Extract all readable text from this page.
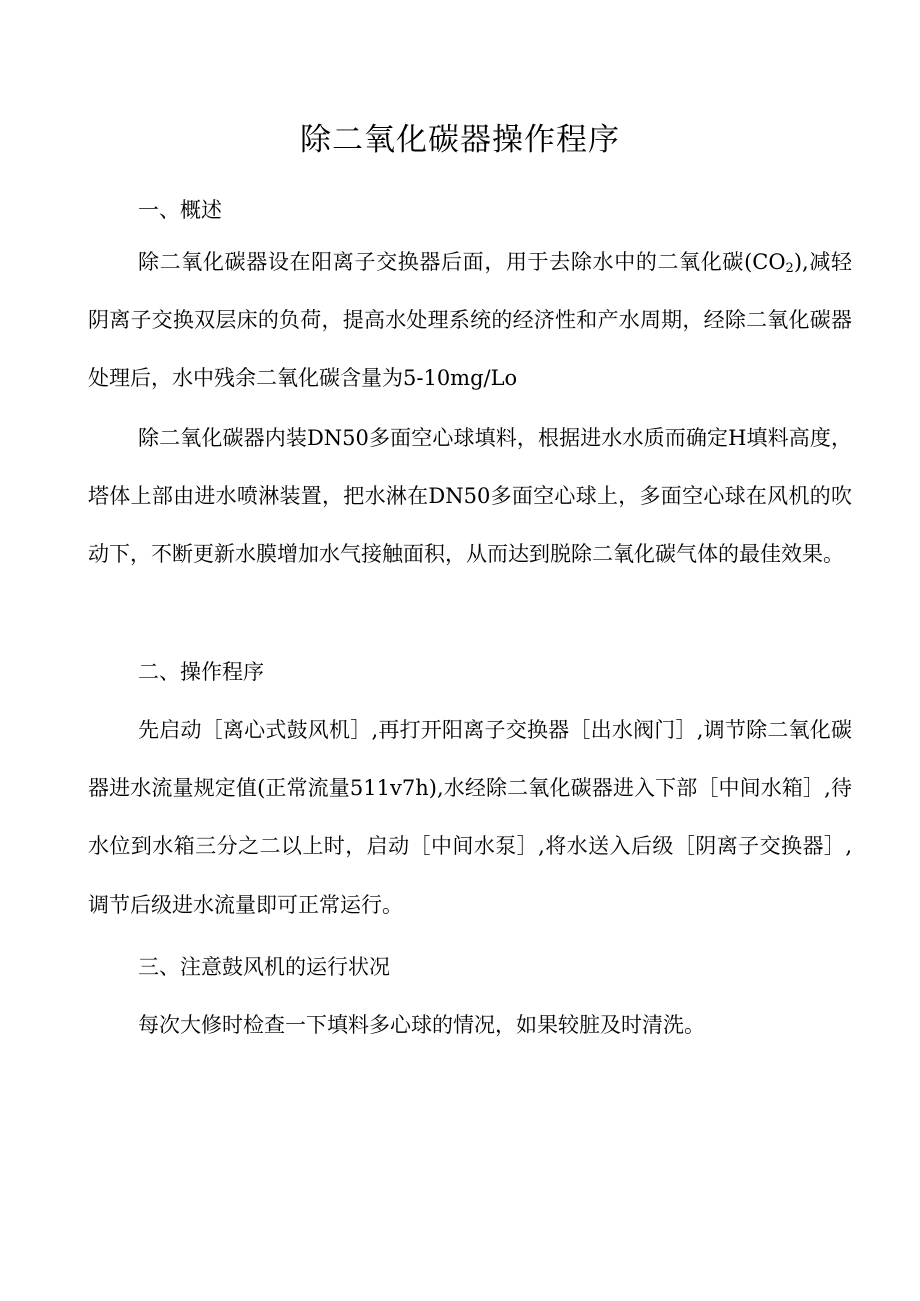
除二氧化碳器操作程序
一、概述
除二氧化碳器设在阳离子交换器后面，用于去除水中的二氧化碳$(CO_2)$,减轻阴离子交换双层床的负荷，提高水处理系统的经济性和产水周期，经除二氧化碳器处理后，水中残余二氧化碳含量为5-10mg/Lo
除二氧化碳器内装DN50多面空心球填料，根据进水水质而确定H填料高度，塔体上部由进水喷淋装置，把水淋在DN50多面空心球上，多面空心球在风机的吹动下，不断更新水膜增加水气接触面积，从而达到脱除二氧化碳气体的最佳效果。
二、操作程序
先启动［离心式鼓风机］,再打开阳离子交换器［出水阀门］,调节除二氧化碳器进水流量规定值(正常流量511v7h),水经除二氧化碳器进入下部［中间水箱］,待水位到水箱三分之二以上时，启动［中间水泵］,将水送入后级［阴离子交换器］,调节后级进水流量即可正常运行。
三、注意鼓风机的运行状况
每次大修时检查一下填料多心球的情况，如果较脏及时清洗。
